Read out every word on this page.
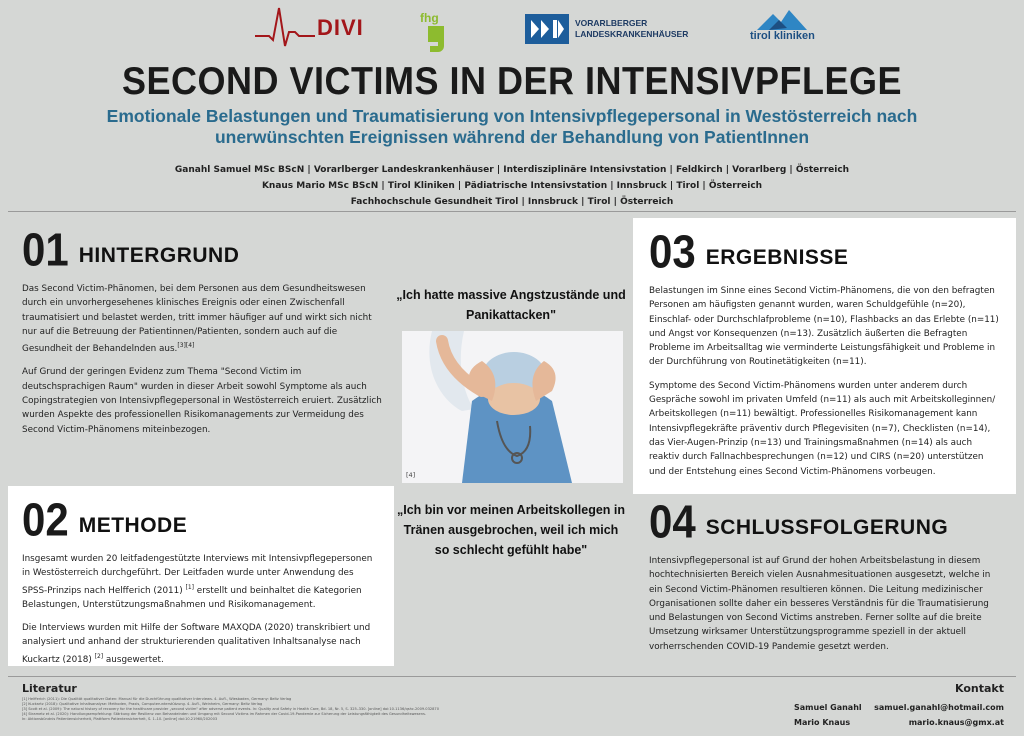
DIVI	fhg	VORARLBERGER
LANDESKRANKENHÄUSER	tirol kliniken
SECOND VICTIMS IN DER INTENSIVPFLEGE
Emotionale Belastungen und Traumatisierung von Intensivpflegepersonal in Westösterreich nach
unerwünschten Ereignissen während der Behandlung von PatientInnen
Ganahl Samuel MSc BScN | Vorarlberger Landeskrankenhäuser | Interdisziplinäre Intensivstation | Feldkirch | Vorarlberg | Österreich
Knaus Mario MSc BScN | Tirol Kliniken | Pädiatrische Intensivstation | Innsbruck | Tirol | Österreich
Fachhochschule Gesundheit Tirol | Innsbruck | Tirol | Österreich
01 HINTERGRUND

Das Second Victim-Phänomen, bei dem Personen aus dem Gesundheitswesen durch ein unvorhergesehenes klinisches Ereignis oder einen Zwischenfall traumatisiert und belastet werden, tritt immer häufiger auf und wirkt sich nicht nur auf die Betreuung der Patientinnen/Patienten, sondern auch auf die Gesundheit der Behandelnden aus.[3][4]

Auf Grund der geringen Evidenz zum Thema "Second Victim im deutschsprachigen Raum" wurden in dieser Arbeit sowohl Symptome als auch Copingstrategien von Intensivpflegepersonal in Westösterreich eruiert. Zusätzlich wurden Aspekte des professionellen Risikomanagements zur Vermeidung des Second Victim-Phänomens miteinbezogen.

„Ich hatte massive Angstzustände und Panikattacken"
[4]
„Ich bin vor meinen Arbeitskollegen in Tränen ausgebrochen, weil ich mich so schlecht gefühlt habe"
02 METHODE

Insgesamt wurden 20 leitfadengestützte Interviews mit Intensivpflegepersonen in Westösterreich durchgeführt. Der Leitfaden wurde unter Anwendung des SPSS-Prinzips nach Helfferich (2011) [1] erstellt und beinhaltet die Kategorien Belastungen, Unterstützungsmaßnahmen und Risikomanagement.

Die Interviews wurden mit Hilfe der Software MAXQDA (2020) transkribiert und analysiert und anhand der strukturierenden qualitativen Inhaltsanalyse nach Kuckartz (2018) [2] ausgewertet.

03 ERGEBNISSE

Belastungen im Sinne eines Second Victim-Phänomens, die von den befragten Personen am häufigsten genannt wurden, waren Schuldgefühle (n=20), Einschlaf- oder Durchschlafprobleme (n=10), Flashbacks an das Erlebte (n=11) und Angst vor Konsequenzen (n=13). Zusätzlich äußerten die Befragten Probleme im Arbeitsalltag wie verminderte Leistungsfähigkeit und Probleme in der Durchführung von Routinetätigkeiten (n=11).

Symptome des Second Victim-Phänomens wurden unter anderem durch Gespräche sowohl im privaten Umfeld (n=11) als auch mit Arbeitskolleginnen/ Arbeitskollegen (n=11) bewältigt. Professionelles Risikomanagement kann Intensivpflegekräfte präventiv durch Pflegevisiten (n=7), Checklisten (n=14), das Vier-Augen-Prinzip (n=13) und Trainingsmaßnahmen (n=14) als auch reaktiv durch Fallnachbesprechungen (n=12) und CIRS (n=20) unterstützen und der Entstehung eines Second Victim-Phänomens vorbeugen.

04 SCHLUSSFOLGERUNG

Intensivpflegepersonal ist auf Grund der hohen Arbeitsbelastung in diesem hochtechnisierten Bereich vielen Ausnahmesituationen ausgesetzt, welche in ein Second Victim-Phänomen resultieren können. Die Leitung medizinischer Organisationen sollte daher ein besseres Verständnis für die Traumatisierung und Belastungen von Second Victims anstreben. Ferner sollte auf die breite Umsetzung wirksamer Unterstützungsprogramme speziell in der aktuell vorherrschenden COVID-19 Pandemie gesetzt werden.

Literatur
[1] Helfferich (2011): Die Qualität qualitativer Daten: Manual für die Durchführung qualitativer Interviews. 4. Aufl., Wiesbaden, Germany: Beltz Verlag
[2] Kuckartz (2018): Qualitative Inhaltsanalyse: Methoden, Praxis, Computerunterstützung. 4. Aufl., Weinheim, Germany: Beltz Verlag
[3] Scott et al. (2009): The natural history of recovery for the healthcare provider „second victim" after adverse patient events. In: Quality and Safety in Health Care, Bd. 18, Nr. 5, S. 325–330. [online] doi:10.1136/qshc.2009.032870
[4] Strametz et al. (2020): Handlungsempfehlung: Stärkung der Resilienz von Behandelnden und Umgang mit Second Victims im Rahmen der Covid-19-Pandemie zur Sicherung der Leistungsfähigkeit des Gesundheitswesens.
In: Aktionsbündnis Patientensicherheit, Plattform Patientensicherheit, S. 1–10. [online] doi:10.21960/202003
Kontakt
Samuel Ganahl samuel.ganahl@hotmail.com
Mario Knaus	mario.knaus@gmx.at
